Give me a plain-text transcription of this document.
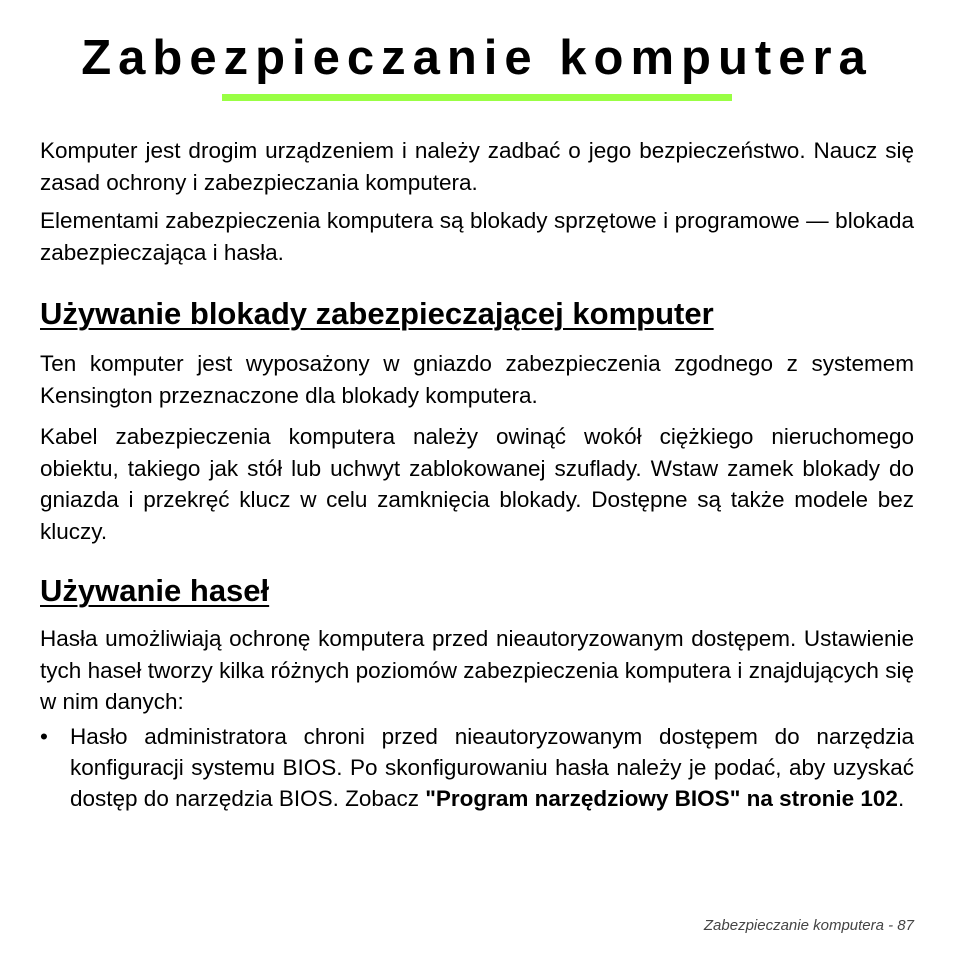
Zabezpieczanie komputera

Komputer jest drogim urządzeniem i należy zadbać o jego bezpieczeństwo. Naucz się zasad ochrony i zabezpieczania komputera.

Elementami zabezpieczenia komputera są blokady sprzętowe i programowe — blokada zabezpieczająca i hasła.

Używanie blokady zabezpieczającej komputer

Ten komputer jest wyposażony w gniazdo zabezpieczenia zgodnego z systemem Kensington przeznaczone dla blokady komputera.

Kabel zabezpieczenia komputera należy owinąć wokół ciężkiego nieruchomego obiektu, takiego jak stół lub uchwyt zablokowanej szuflady. Wstaw zamek blokady do gniazda i przekręć klucz w celu zamknięcia blokady. Dostępne są także modele bez kluczy.

Używanie haseł

Hasła umożliwiają ochronę komputera przed nieautoryzowanym dostępem. Ustawienie tych haseł tworzy kilka różnych poziomów zabezpieczenia komputera i znajdujących się w nim danych:

• Hasło administratora chroni przed nieautoryzowanym dostępem do narzędzia konfiguracji systemu BIOS. Po skonfigurowaniu hasła należy je podać, aby uzyskać dostęp do narzędzia BIOS. Zobacz "Program narzędziowy BIOS" na stronie 102.
Zabezpieczanie komputera - 87
